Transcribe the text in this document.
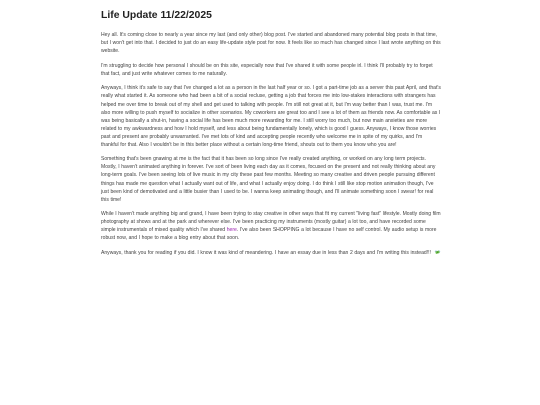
Life Update 11/22/2025

Hey all. It's coming close to nearly a year since my last (and only other) blog post. I've started and abandoned many potential blog posts in that time, but I won't get into that. I decided to just do an easy life-update style post for now. It feels like so much has changed since I last wrote anything on this website.

I'm struggling to decide how personal I should be on this site, especially now that I've shared it with some people irl. I think I'll probably try to forget that fact, and just write whatever comes to me naturally.

Anyways, I think it's safe to say that I've changed a lot as a person in the last half year or so. I got a part-time job as a server this past April, and that's really what started it. As someone who had been a bit of a social recluse, getting a job that forces me into low-stakes interactions with strangers has helped me over time to break out of my shell and get used to talking with people. I'm still not great at it, but I'm way better than I was, trust me. I'm also more willing to push myself to socialize in other scenarios. My coworkers are great too and I see a lot of them as friends now. As comfortable as I was being basically a shut-in, having a social life has been much more rewarding for me. I still worry too much, but now main anxieties are more related to my awkwardness and how I hold myself, and less about being fundamentally lonely, which is good I guess. Anyways, I know those worries past and present are probably unwarranted. I've met lots of kind and accepting people recently who welcome me in spite of my quirks, and I'm thankful for that. Also I wouldn't be in this better place without a certain long-time friend, shouts out to them you know who you are!

Something that's been gnawing at me is the fact that it has been so long since I've really created anything, or worked on any long term projects. Mostly, I haven't animated anything in forever. I've sort of been living each day as it comes, focused on the present and not really thinking about any long-term goals. I've been seeing lots of live music in my city these past few months. Meeting so many creative and driven people pursuing different things has made me question what I actually want out of life, and what I actually enjoy doing. I do think I still like stop motion animation though, I've just been kind of demotivated and a little busier than I used to be. I wanna keep animating though, and I'll animate something soon I swear! for real this time!

While I haven't made anything big and grand, I have been trying to stay creative in other ways that fit my current "living fast" lifestyle. Mostly doing film photography at shows and at the park and wherever else. I've been practicing my instruments (mostly guitar) a lot too, and have recorded some simple instrumentals of mixed quality which I've shared here. I've also been SHOPPING a lot because I have no self control. My audio setup is more robust now, and I hope to make a blog entry about that soon.

Anyways, thank you for reading if you did. I know it was kind of meandering. I have an essay due in less than 2 days and I'm writing this instead!!!
